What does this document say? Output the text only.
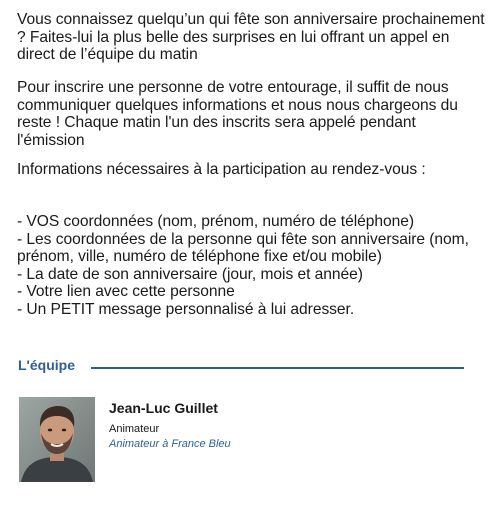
Vous connaissez quelqu’un qui fête son anniversaire prochainement ? Faites-lui la plus belle des surprises en lui offrant un appel en direct de l’équipe du matin

Pour inscrire une personne de votre entourage, il suffit de nous communiquer quelques informations et nous nous chargeons du reste ! Chaque matin l'un des inscrits sera appelé pendant l'émission

Informations nécessaires à la participation au rendez-vous :

- VOS coordonnées (nom, prénom, numéro de téléphone)
- Les coordonnées de la personne qui fête son anniversaire (nom, prénom, ville, numéro de téléphone fixe et/ou mobile)
- La date de son anniversaire (jour, mois et année)
- Votre lien avec cette personne
- Un PETIT message personnalisé à lui adresser.
L'équipe
Jean-Luc Guillet
Animateur
Animateur à France Bleu
